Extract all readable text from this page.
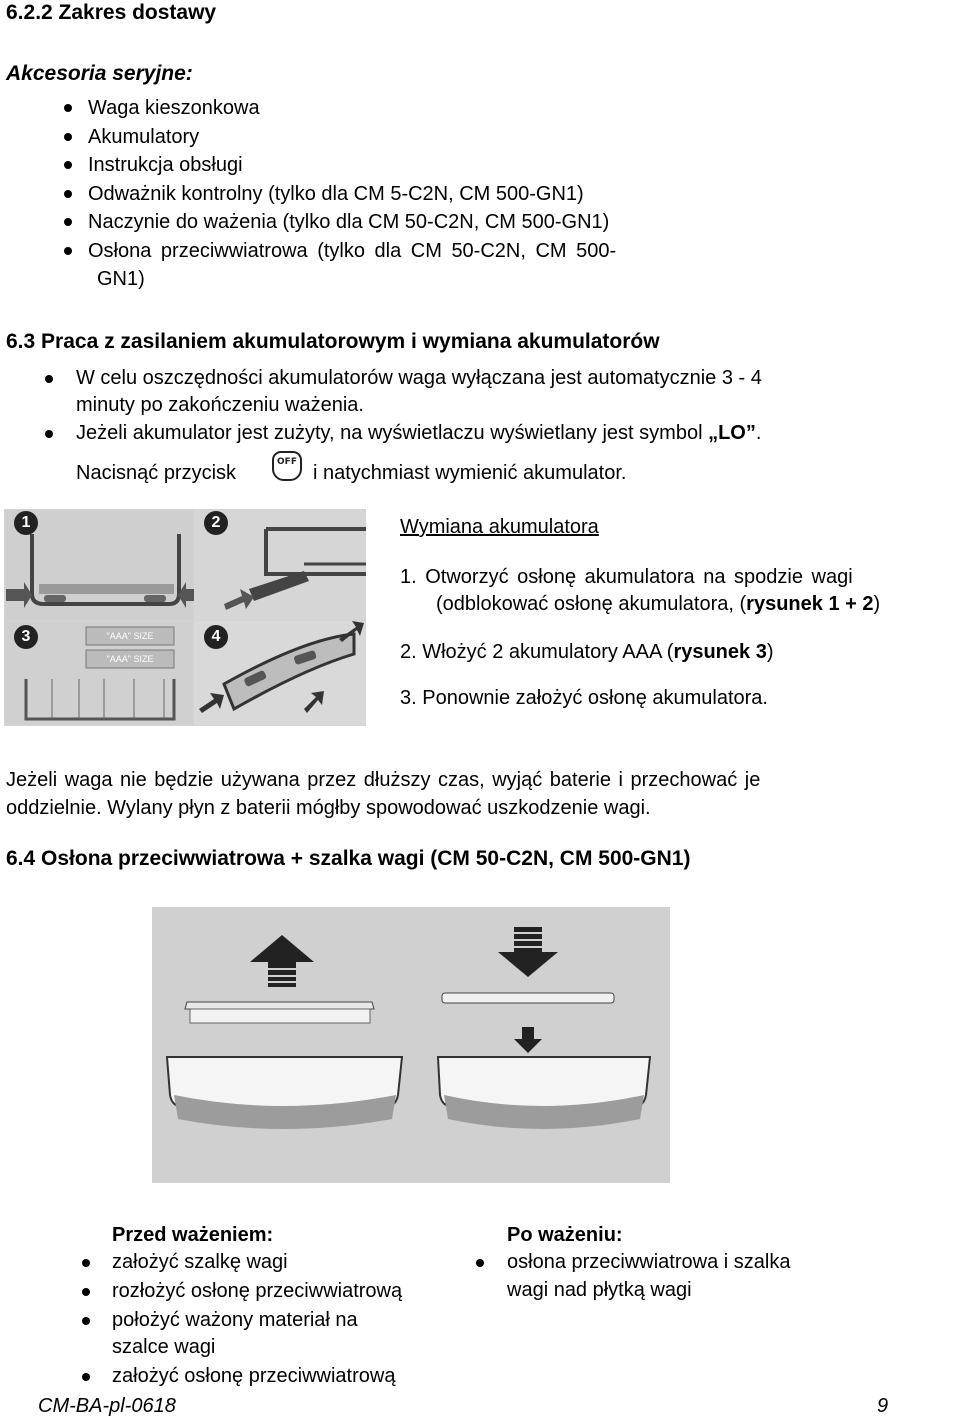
6.2.2 Zakres dostawy
Akcesoria seryjne:
Waga kieszonkowa
Akumulatory
Instrukcja obsługi
Odważnik kontrolny (tylko dla CM 5-C2N, CM 500-GN1)
Naczynie do ważenia (tylko dla CM 50-C2N, CM 500-GN1)
Osłona przeciwwiatrowa (tylko dla CM 50-C2N, CM 500-
GN1)
6.3 Praca z zasilaniem akumulatorowym i wymiana akumulatorów
W celu oszczędności akumulatorów waga wyłączana jest automatycznie 3 - 4
minuty po zakończeniu ważenia.
Jeżeli akumulator jest zużyty, na wyświetlaczu wyświetlany jest symbol „LO”.
Nacisnąć przycisk	OFF i natychmiast wymienić akumulator.
1	2
3	4
"AAA" SIZE
"AAA" SIZE
Wymiana akumulatora
1. Otworzyć osłonę akumulatora na spodzie wagi
(odblokować osłonę akumulatora, (rysunek 1 + 2)
2. Włożyć 2 akumulatory AAA (rysunek 3)
3. Ponownie założyć osłonę akumulatora.
Jeżeli waga nie będzie używana przez dłuższy czas, wyjąć baterie i przechować je
oddzielnie. Wylany płyn z baterii mógłby spowodować uszkodzenie wagi.
6.4 Osłona przeciwwiatrowa + szalka wagi (CM 50-C2N, CM 500-GN1)
Przed ważeniem:
założyć szalkę wagi
rozłożyć osłonę przeciwwiatrową
położyć ważony materiał na
szalce wagi
założyć osłonę przeciwwiatrową
Po ważeniu:
osłona przeciwwiatrowa i szalka
wagi nad płytką wagi
CM-BA-pl-0618	9
